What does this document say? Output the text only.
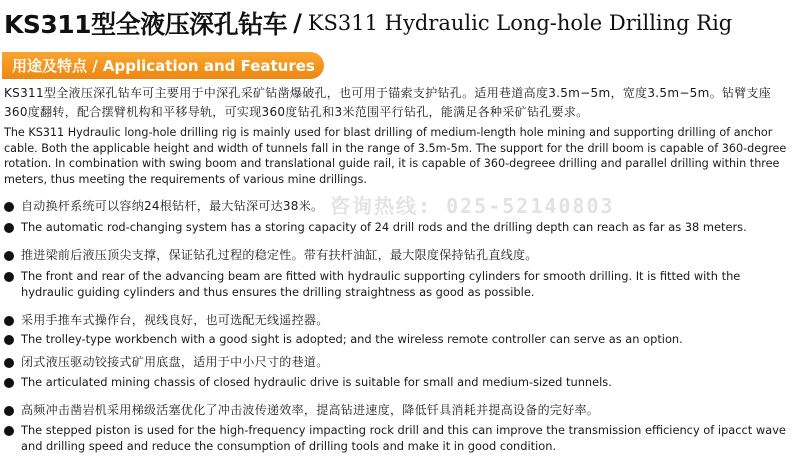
KS311型全液压深孔钻车 / KS311 Hydraulic Long-hole Drilling Rig
用途及特点 / Application and Features
KS311型全液压深孔钻车可主要用于中深孔采矿钻凿爆破孔，也可用于锚索支护钻孔。适用巷道高度3.5m−5m，宽度3.5m−5m。钻臂支座360度翻转，配合摆臂机构和平移导轨，可实现360度钻孔和3米范围平行钻孔，能满足各种采矿钻孔要求。
The KS311 Hydraulic long-hole drilling rig is mainly used for blast drilling of medium-length hole mining and supporting drilling of anchor cable. Both the applicable height and width of tunnels fall in the range of 3.5m-5m. The support for the drill boom is capable of 360-degree rotation. In combination with swing boom and translational guide rail, it is capable of 360-degreee drilling and parallel drilling within three meters, thus meeting the requirements of various mine drillings.
咨询热线: 025-52140803
自动换杆系统可以容纳24根钻杆，最大钻深可达38米。
The automatic rod-changing system has a storing capacity of 24 drill rods and the drilling depth can reach as far as 38 meters.
推进梁前后液压顶尖支撑，保证钻孔过程的稳定性。带有扶杆油缸，最大限度保持钻孔直线度。
The front and rear of the advancing beam are fitted with hydraulic supporting cylinders for smooth drilling. It is fitted with the hydraulic guiding cylinders and thus ensures the drilling straightness as good as possible.
采用手推车式操作台，视线良好，也可选配无线遥控器。
The trolley-type workbench with a good sight is adopted; and the wireless remote controller can serve as an option.
闭式液压驱动铰接式矿用底盘，适用于中小尺寸的巷道。
The articulated mining chassis of closed hydraulic drive is suitable for small and medium-sized tunnels.
高频冲击凿岩机采用梯级活塞优化了冲击波传递效率，提高钻进速度，降低钎具消耗并提高设备的完好率。
The stepped piston is used for the high-frequency impacting rock drill and this can improve the transmission efficiency of ipacct wave and drilling speed and reduce the consumption of drilling tools and make it in good condition.
